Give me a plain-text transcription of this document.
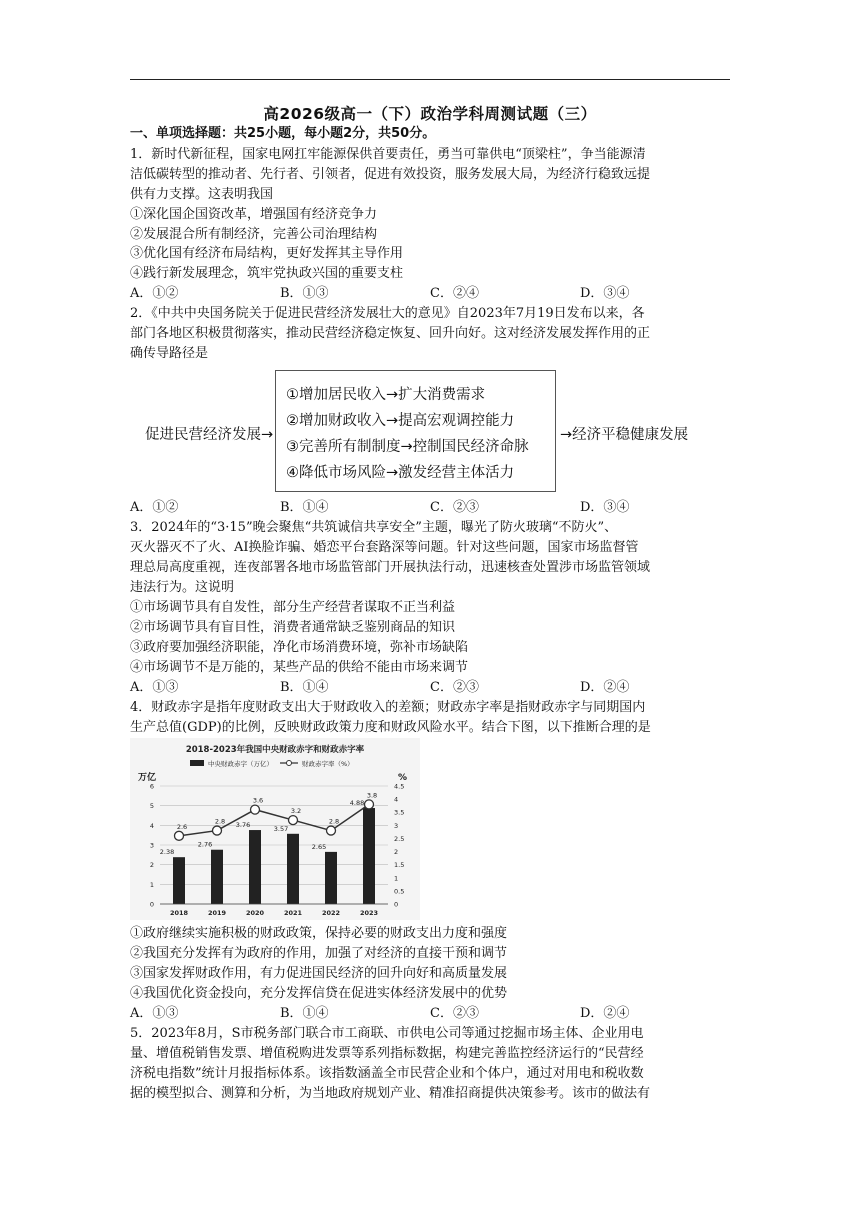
高2026级高一（下）政治学科周测试题（三）
一、单项选择题：共25小题，每小题2分，共50分。
1．新时代新征程，国家电网扛牢能源保供首要责任，勇当可靠供电“顶梁柱”，争当能源清
洁低碳转型的推动者、先行者、引领者，促进有效投资，服务发展大局，为经济行稳致远提
供有力支撑。这表明我国
①深化国企国资改革，增强国有经济竞争力
②发展混合所有制经济，完善公司治理结构
③优化国有经济布局结构，更好发挥其主导作用
④践行新发展理念，筑牢党执政兴国的重要支柱
A．①②	B．①③	C．②④	D．③④
2．《中共中央国务院关于促进民营经济发展壮大的意见》自2023年7月19日发布以来，各
部门各地区积极贯彻落实，推动民营经济稳定恢复、回升向好。这对经济发展发挥作用的正
确传导路径是
促进民营经济发展→
①增加居民收入→扩大消费需求
②增加财政收入→提高宏观调控能力
③完善所有制制度→控制国民经济命脉
④降低市场风险→激发经营主体活力
→经济平稳健康发展
A．①②	B．①④	C．②③	D．③④
3．2024年的“3·15”晚会聚焦“共筑诚信共享安全”主题，曝光了防火玻璃“不防火”、
灭火器灭不了火、AI换脸诈骗、婚恋平台套路深等问题。针对这些问题，国家市场监督管
理总局高度重视，连夜部署各地市场监管部门开展执法行动，迅速核查处置涉市场监管领域
违法行为。这说明
①市场调节具有自发性，部分生产经营者谋取不正当利益
②市场调节具有盲目性，消费者通常缺乏鉴别商品的知识
③政府要加强经济职能，净化市场消费环境，弥补市场缺陷
④市场调节不是万能的，某些产品的供给不能由市场来调节
A．①③	B．①④	C．②③	D．②④
4．财政赤字是指年度财政支出大于财政收入的差额；财政赤字率是指财政赤字与同期国内
生产总值(GDP)的比例，反映财政政策力度和财政风险水平。结合下图，以下推断合理的是
2018-2023年我国中央财政赤字和财政赤字率
中央财政赤字（万亿）	财政赤字率（%）
万亿	%
0
1
2
3
4
5
6
0
0.5
1
1.5
2
2.5
3
3.5
4
4.5
2.38
2.76
3.76	3.57
2.65
4.88
2.6
2.8
3.6
3.2
2.8
3.8
2018	2019	2020	2021	2022	2023
①政府继续实施积极的财政政策，保持必要的财政支出力度和强度
②我国充分发挥有为政府的作用，加强了对经济的直接干预和调节
③国家发挥财政作用，有力促进国民经济的回升向好和高质量发展
④我国优化资金投向，充分发挥信贷在促进实体经济发展中的优势
A．①③	B．①④	C．②③	D．②④
5．2023年8月，S市税务部门联合市工商联、市供电公司等通过挖掘市场主体、企业用电
量、增值税销售发票、增值税购进发票等系列指标数据，构建完善监控经济运行的“民营经
济税电指数”统计月报指标体系。该指数涵盖全市民营企业和个体户，通过对用电和税收数
据的模型拟合、测算和分析，为当地政府规划产业、精准招商提供决策参考。该市的做法有
